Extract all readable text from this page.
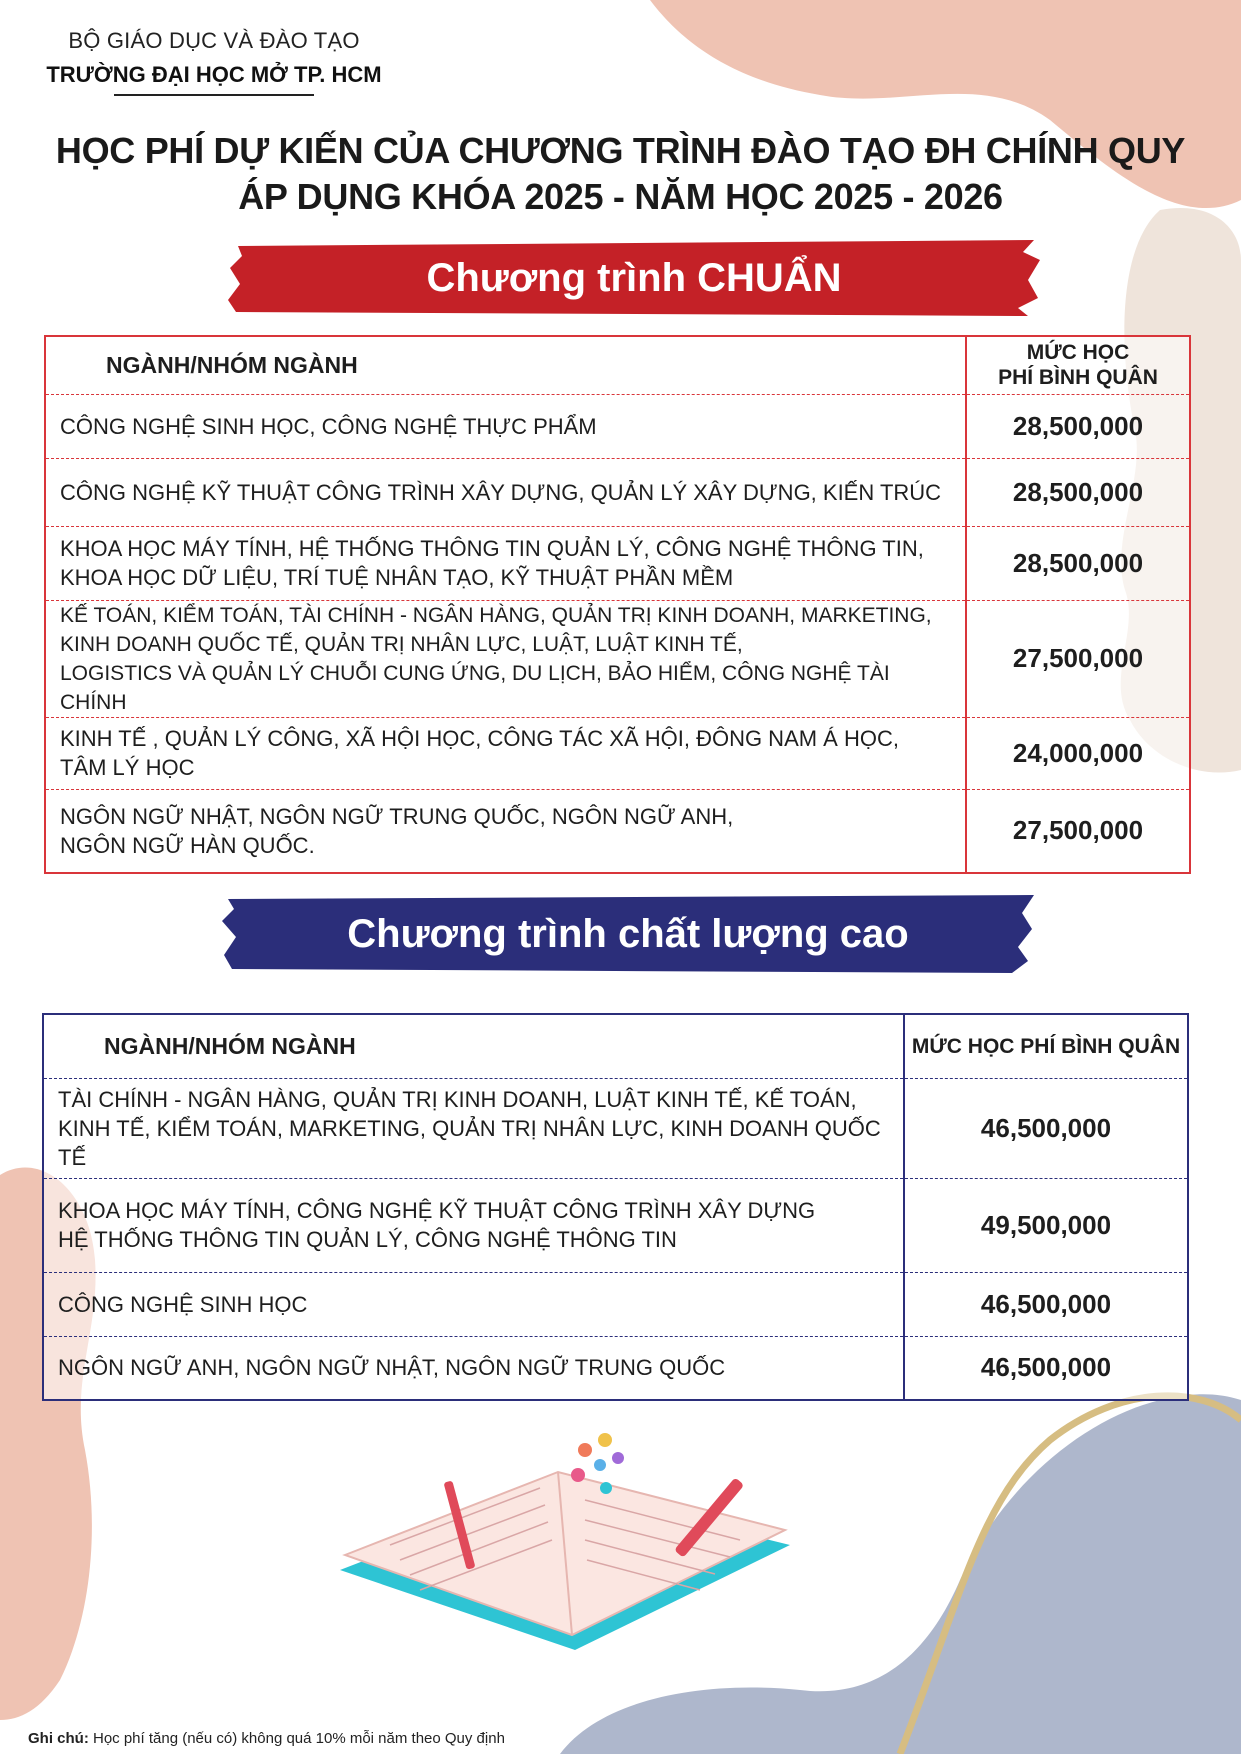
BỘ GIÁO DỤC VÀ ĐÀO TẠO
TRƯỜNG ĐẠI HỌC MỞ TP. HCM
HỌC PHÍ DỰ KIẾN CỦA CHƯƠNG TRÌNH ĐÀO TẠO ĐH CHÍNH QUY
ÁP DỤNG KHÓA 2025 - NĂM HỌC 2025 - 2026
Chương trình CHUẨN
NGÀNH/NHÓM NGÀNH	MỨC HỌC
PHÍ BÌNH QUÂN

CÔNG NGHỆ SINH HỌC, CÔNG NGHỆ THỰC PHẨM	28,500,000

CÔNG NGHỆ KỸ THUẬT CÔNG TRÌNH XÂY DỰNG, QUẢN LÝ XÂY DỰNG, KIẾN TRÚC	28,500,000

KHOA HỌC MÁY TÍNH, HỆ THỐNG THÔNG TIN QUẢN LÝ, CÔNG NGHỆ THÔNG TIN,
KHOA HỌC DỮ LIỆU, TRÍ TUỆ NHÂN TẠO, KỸ THUẬT PHẦN MỀM	28,500,000

KẾ TOÁN, KIỂM TOÁN, TÀI CHÍNH - NGÂN HÀNG, QUẢN TRỊ KINH DOANH, MARKETING,
KINH DOANH QUỐC TẾ, QUẢN TRỊ NHÂN LỰC, LUẬT, LUẬT KINH TẾ,
LOGISTICS VÀ QUẢN LÝ CHUỖI CUNG ỨNG, DU LỊCH, BẢO HIỂM, CÔNG NGHỆ TÀI CHÍNH	27,500,000

KINH TẾ , QUẢN LÝ CÔNG, XÃ HỘI HỌC, CÔNG TÁC XÃ HỘI, ĐÔNG NAM Á HỌC,
TÂM LÝ HỌC	24,000,000

NGÔN NGỮ NHẬT, NGÔN NGỮ TRUNG QUỐC, NGÔN NGỮ ANH,
NGÔN NGỮ HÀN QUỐC.	27,500,000
Chương trình chất lượng cao
NGÀNH/NHÓM NGÀNH	MỨC HỌC PHÍ BÌNH QUÂN

TÀI CHÍNH - NGÂN HÀNG, QUẢN TRỊ KINH DOANH, LUẬT KINH TẾ, KẾ TOÁN,
KINH TẾ, KIỂM TOÁN, MARKETING, QUẢN TRỊ NHÂN LỰC, KINH DOANH QUỐC TẾ	46,500,000

KHOA HỌC MÁY TÍNH, CÔNG NGHỆ KỸ THUẬT CÔNG TRÌNH XÂY DỰNG
HỆ THỐNG THÔNG TIN QUẢN LÝ, CÔNG NGHỆ THÔNG TIN	49,500,000

CÔNG NGHỆ SINH HỌC	46,500,000

NGÔN NGỮ ANH, NGÔN NGỮ NHẬT, NGÔN NGỮ TRUNG QUỐC	46,500,000
Ghi chú: Học phí tăng (nếu có) không quá 10% mỗi năm theo Quy định
